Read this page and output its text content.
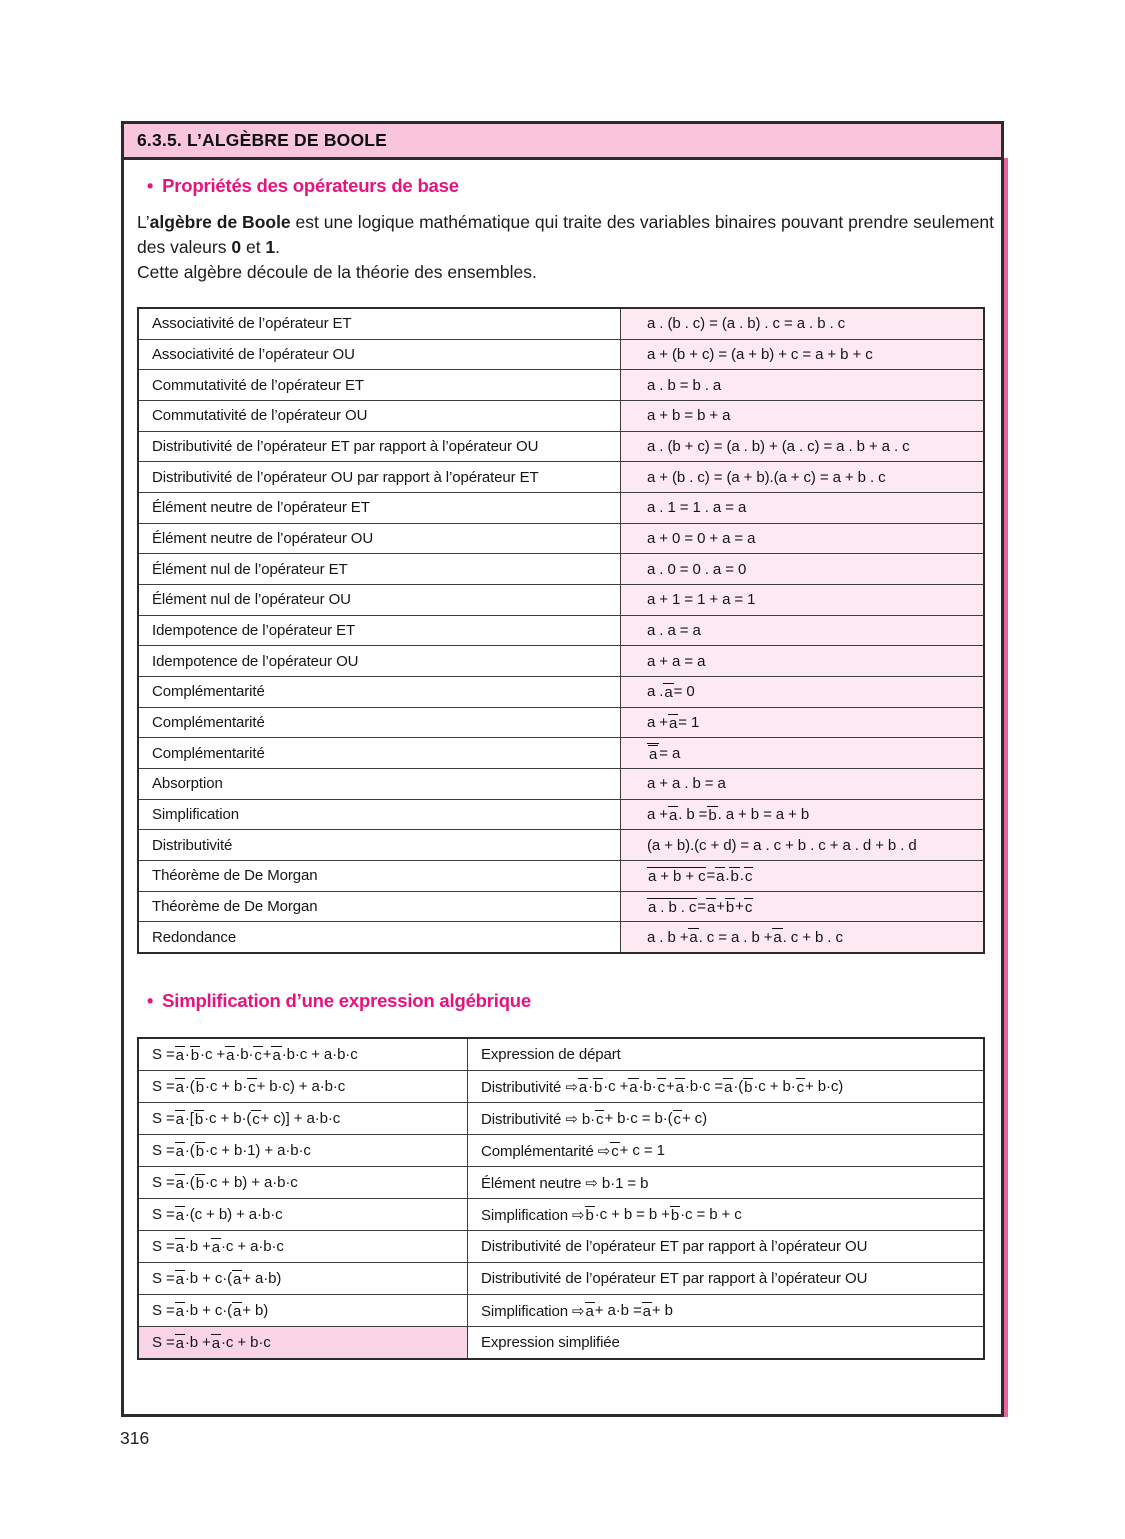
6.3.5. L’ALGÈBRE DE BOOLE
• Propriétés des opérateurs de base
L’algèbre de Boole est une logique mathématique qui traite des variables binaires pouvant prendre seulement des valeurs 0 et 1.
Cette algèbre découle de la théorie des ensembles.
Associativité de l’opérateur ET	a . (b . c) = (a . b) . c = a . b . c
Associativité de l’opérateur OU	a + (b + c) = (a + b) + c = a + b + c
Commutativité de l’opérateur ET	a . b = b . a
Commutativité de l’opérateur OU	a + b = b + a
Distributivité de l’opérateur ET par rapport à l’opérateur OU	a . (b + c) = (a . b) + (a . c) = a . b + a . c
Distributivité de l’opérateur OU par rapport à l’opérateur ET	a + (b . c) = (a + b).(a + c) = a + b . c
Élément neutre de l’opérateur ET	a . 1 = 1 . a = a
Élément neutre de l’opérateur OU	a + 0 = 0 + a = a
Élément nul de l’opérateur ET	a . 0 = 0 . a = 0
Élément nul de l’opérateur OU	a + 1 = 1 + a = 1
Idempotence de l’opérateur ET	a . a = a
Idempotence de l’opérateur OU	a + a = a
Complémentarité	a . a = 0
Complémentarité	a + a = 1
Complémentarité	a = a
Absorption	a + a . b = a
Simplification	a + a . b = b . a + b = a + b
Distributivité	(a + b).(c + d) = a . c + b . c + a . d + b . d
Théorème de De Morgan	a + b + c = a . b . c
Théorème de De Morgan	a . b . c = a + b + c
Redondance	a . b + a . c = a . b + a . c + b . c
• Simplification d’une expression algébrique
S = a · b ·c + a ·b· c + a ·b·c + a·b·c	Expression de départ
S = a ·( b ·c + b· c + b·c) + a·b·c	Distributivité ⇨ a · b ·c + a ·b· c + a ·b·c = a ·( b ·c + b· c + b·c)
S = a ·[ b ·c + b·( c + c)] + a·b·c	Distributivité ⇨ b· c + b·c = b·( c + c)
S = a ·( b ·c + b·1) + a·b·c	Complémentarité ⇨ c + c = 1
S = a ·( b ·c + b) + a·b·c	Élément neutre ⇨ b·1 = b
S = a ·(c + b) + a·b·c	Simplification ⇨ b ·c + b = b + b ·c = b + c
S = a ·b + a ·c + a·b·c	Distributivité de l’opérateur ET par rapport à l’opérateur OU
S = a ·b + c·( a + a·b)	Distributivité de l’opérateur ET par rapport à l’opérateur OU
S = a ·b + c·( a + b)	Simplification ⇨ a + a·b = a + b
S = a ·b + a ·c + b·c	Expression simplifiée
316
